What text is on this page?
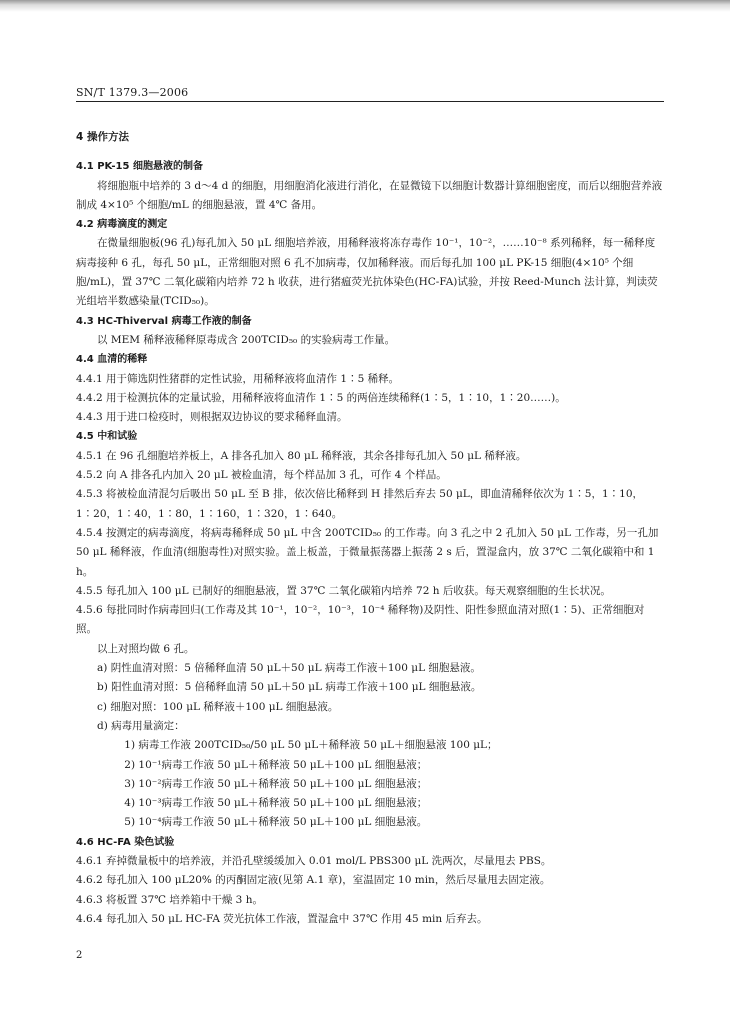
SN/T 1379.3—2006

4 操作方法

4.1 PK-15 细胞悬液的制备

将细胞瓶中培养的 3 d～4 d 的细胞，用细胞消化液进行消化，在显微镜下以细胞计数器计算细胞密度，而后以细胞营养液制成 4×10⁵ 个细胞/mL 的细胞悬液，置 4℃ 备用。

4.2 病毒滴度的测定

在微量细胞板(96 孔)每孔加入 50 μL 细胞培养液，用稀释液将冻存毒作 10⁻¹，10⁻²，……10⁻⁸ 系列稀释，每一稀释度病毒接种 6 孔，每孔 50 μL，正常细胞对照 6 孔不加病毒，仅加稀释液。而后每孔加 100 μL PK-15 细胞(4×10⁵ 个细胞/mL)，置 37℃ 二氧化碳箱内培养 72 h 收获，进行猪瘟荧光抗体染色(HC-FA)试验，并按 Reed-Munch 法计算，判读荧光组培半数感染量(TCID₅₀)。

4.3 HC-Thiverval 病毒工作液的制备

以 MEM 稀释液稀释原毒成含 200TCID₅₀ 的实验病毒工作量。

4.4 血清的稀释

4.4.1 用于筛选阴性猪群的定性试验，用稀释液将血清作 1∶5 稀释。

4.4.2 用于检测抗体的定量试验，用稀释液将血清作 1∶5 的两倍连续稀释(1∶5，1∶10，1∶20……)。

4.4.3 用于进口检疫时，则根据双边协议的要求稀释血清。

4.5 中和试验

4.5.1 在 96 孔细胞培养板上，A 排各孔加入 80 μL 稀释液，其余各排每孔加入 50 μL 稀释液。

4.5.2 向 A 排各孔内加入 20 μL 被检血清，每个样品加 3 孔，可作 4 个样品。

4.5.3 将被检血清混匀后吸出 50 μL 至 B 排，依次倍比稀释到 H 排然后弃去 50 μL，即血清稀释依次为 1∶5，1∶10，1∶20，1∶40，1∶80，1∶160，1∶320，1∶640。

4.5.4 按测定的病毒滴度，将病毒稀释成 50 μL 中含 200TCID₅₀ 的工作毒。向 3 孔之中 2 孔加入 50 μL 工作毒，另一孔加 50 μL 稀释液，作血清(细胞毒性)对照实验。盖上板盖，于微量振荡器上振荡 2 s 后，置湿盒内，放 37℃ 二氧化碳箱中和 1 h。

4.5.5 每孔加入 100 μL 已制好的细胞悬液，置 37℃ 二氧化碳箱内培养 72 h 后收获。每天观察细胞的生长状况。

4.5.6 每批同时作病毒回归(工作毒及其 10⁻¹，10⁻²，10⁻³，10⁻⁴ 稀释物)及阴性、阳性参照血清对照(1∶5)、正常细胞对照。

以上对照均做 6 孔。

a) 阴性血清对照：5 倍稀释血清 50 μL＋50 μL 病毒工作液＋100 μL 细胞悬液。

b) 阳性血清对照：5 倍稀释血清 50 μL＋50 μL 病毒工作液＋100 μL 细胞悬液。

c) 细胞对照：100 μL 稀释液＋100 μL 细胞悬液。

d) 病毒用量滴定：

1) 病毒工作液 200TCID₅₀/50 μL 50 μL＋稀释液 50 μL＋细胞悬液 100 μL；

2) 10⁻¹病毒工作液 50 μL＋稀释液 50 μL＋100 μL 细胞悬液；

3) 10⁻²病毒工作液 50 μL＋稀释液 50 μL＋100 μL 细胞悬液；

4) 10⁻³病毒工作液 50 μL＋稀释液 50 μL＋100 μL 细胞悬液；

5) 10⁻⁴病毒工作液 50 μL＋稀释液 50 μL＋100 μL 细胞悬液。

4.6 HC-FA 染色试验

4.6.1 弃掉微量板中的培养液，并沿孔壁缓缓加入 0.01 mol/L PBS300 μL 洗两次，尽量甩去 PBS。

4.6.2 每孔加入 100 μL20% 的丙酮固定液(见第 A.1 章)，室温固定 10 min，然后尽量甩去固定液。

4.6.3 将板置 37℃ 培养箱中干燥 3 h。

4.6.4 每孔加入 50 μL HC-FA 荧光抗体工作液，置湿盒中 37℃ 作用 45 min 后弃去。

2
